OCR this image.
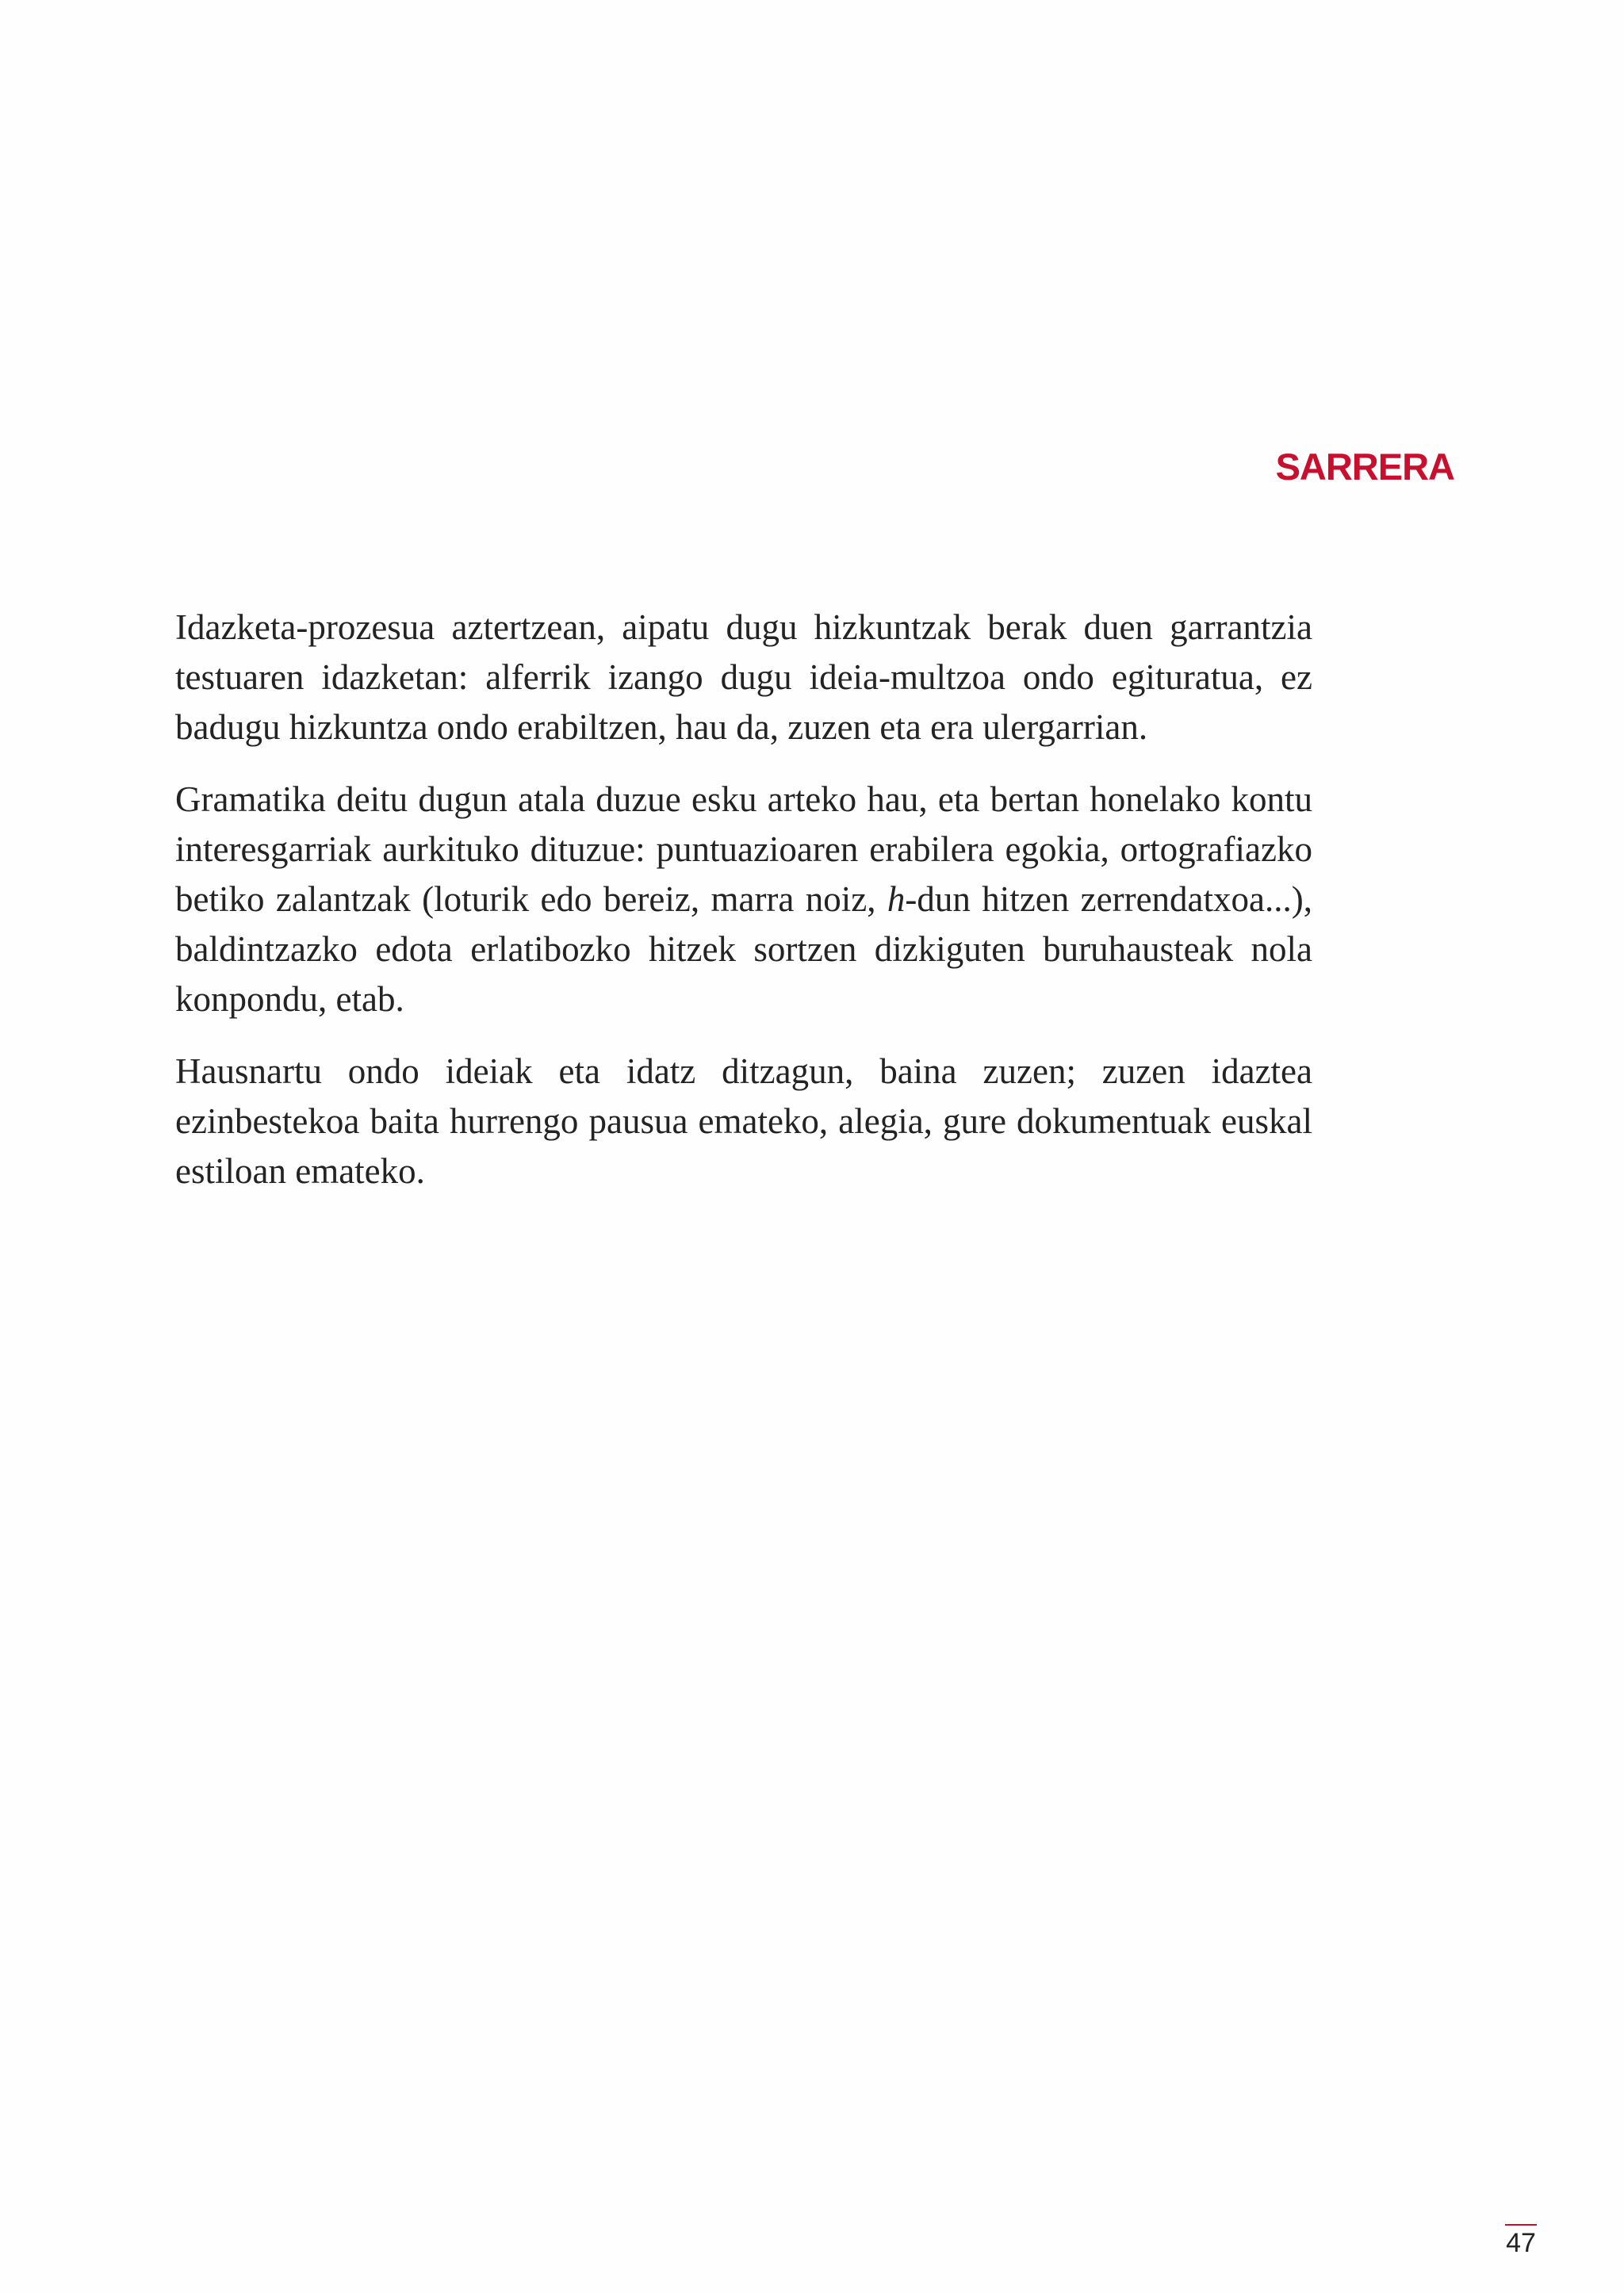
SARRERA

Idazketa-prozesua aztertzean, aipatu dugu hizkuntzak berak duen garrantzia testuaren idazketan: alferrik izango dugu ideia-multzoa ondo egituratua, ez badugu hizkuntza ondo erabiltzen, hau da, zuzen eta era ulergarrian.

Gramatika deitu dugun atala duzue esku arteko hau, eta bertan honelako kontu interesgarriak aurkituko dituzue: puntuazioaren erabilera egokia, ortografiazko betiko zalantzak (loturik edo bereiz, marra noiz, h-dun hitzen zerrendatxoa...), baldintzazko edota erlatibozko hitzek sortzen dizkiguten buruhausteak nola konpondu, etab.

Hausnartu ondo ideiak eta idatz ditzagun, baina zuzen; zuzen idaztea ezinbestekoa baita hurrengo pausua emateko, alegia, gure dokumentuak euskal estiloan emateko.

47
